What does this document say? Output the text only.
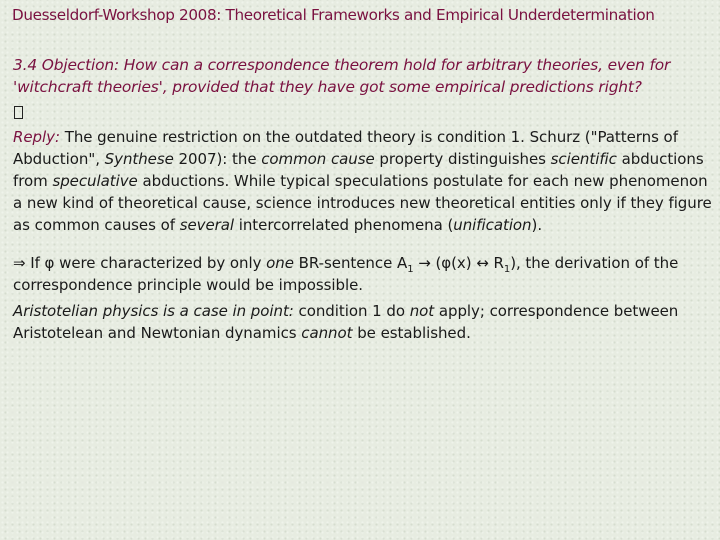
Duesseldorf-Workshop 2008: Theoretical Frameworks and Empirical Underdetermination

3.4 Objection: How can a correspondence theorem hold for arbitrary theories, even for 'witchcraft theories', provided that they have got some empirical predictions right?

Reply: The genuine restriction on the outdated theory is condition 1. Schurz ("Patterns of Abduction", Synthese 2007): the common cause property distinguishes scientific abductions from speculative abductions. While typical speculations postulate for each new phenomenon a new kind of theoretical cause, science introduces new theoretical entities only if they figure as common causes of several intercorrelated phenomena (unification).

⇒ If φ were characterized by only one BR-sentence $A_1 \to (\varphi(x)$ ↔ $R_1$), the derivation of the correspondence principle would be impossible.

Aristotelian physics is a case in point: condition 1 do not apply; correspondence between Aristotelean and Newtonian dynamics cannot be established.
